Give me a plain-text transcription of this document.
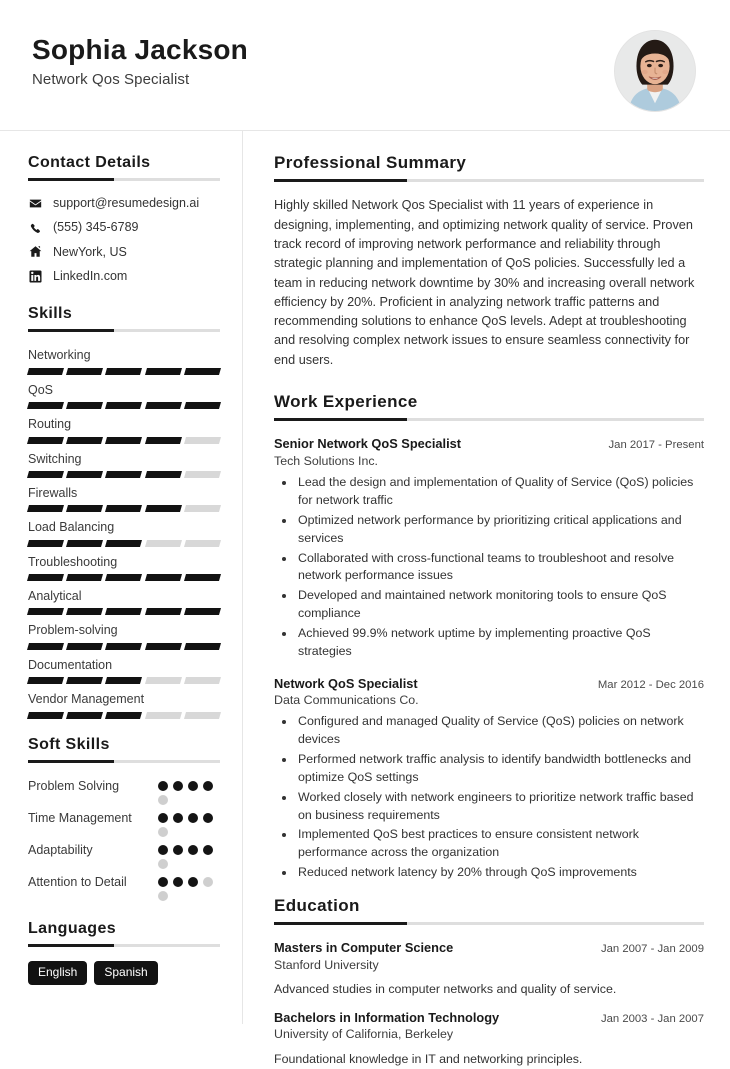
Sophia Jackson
Network Qos Specialist
Contact Details
support@resumedesign.ai
(555) 345-6789
NewYork, US
LinkedIn.com
Skills
Networking
QoS
Routing
Switching
Firewalls
Load Balancing
Troubleshooting
Analytical
Problem-solving
Documentation
Vendor Management
Soft Skills
Problem Solving
Time Management
Adaptability
Attention to Detail
Languages
English	Spanish
Professional Summary
Highly skilled Network Qos Specialist with 11 years of experience in designing, implementing, and optimizing network quality of service. Proven track record of improving network performance and reliability through strategic planning and implementation of QoS policies. Successfully led a team in reducing network downtime by 30% and increasing overall network efficiency by 20%. Proficient in analyzing network traffic patterns and recommending solutions to enhance QoS levels. Adept at troubleshooting and resolving complex network issues to ensure seamless connectivity for end users.
Work Experience
Senior Network QoS Specialist	Jan 2017 - Present
Tech Solutions Inc.
• Lead the design and implementation of Quality of Service (QoS) policies for network traffic
• Optimized network performance by prioritizing critical applications and services
• Collaborated with cross-functional teams to troubleshoot and resolve network performance issues
• Developed and maintained network monitoring tools to ensure QoS compliance
• Achieved 99.9% network uptime by implementing proactive QoS strategies
Network QoS Specialist	Mar 2012 - Dec 2016
Data Communications Co.
• Configured and managed Quality of Service (QoS) policies on network devices
• Performed network traffic analysis to identify bandwidth bottlenecks and optimize QoS settings
• Worked closely with network engineers to prioritize network traffic based on business requirements
• Implemented QoS best practices to ensure consistent network performance across the organization
• Reduced network latency by 20% through QoS improvements
Education
Masters in Computer Science	Jan 2007 - Jan 2009
Stanford University
Advanced studies in computer networks and quality of service.
Bachelors in Information Technology	Jan 2003 - Jan 2007
University of California, Berkeley
Foundational knowledge in IT and networking principles.
